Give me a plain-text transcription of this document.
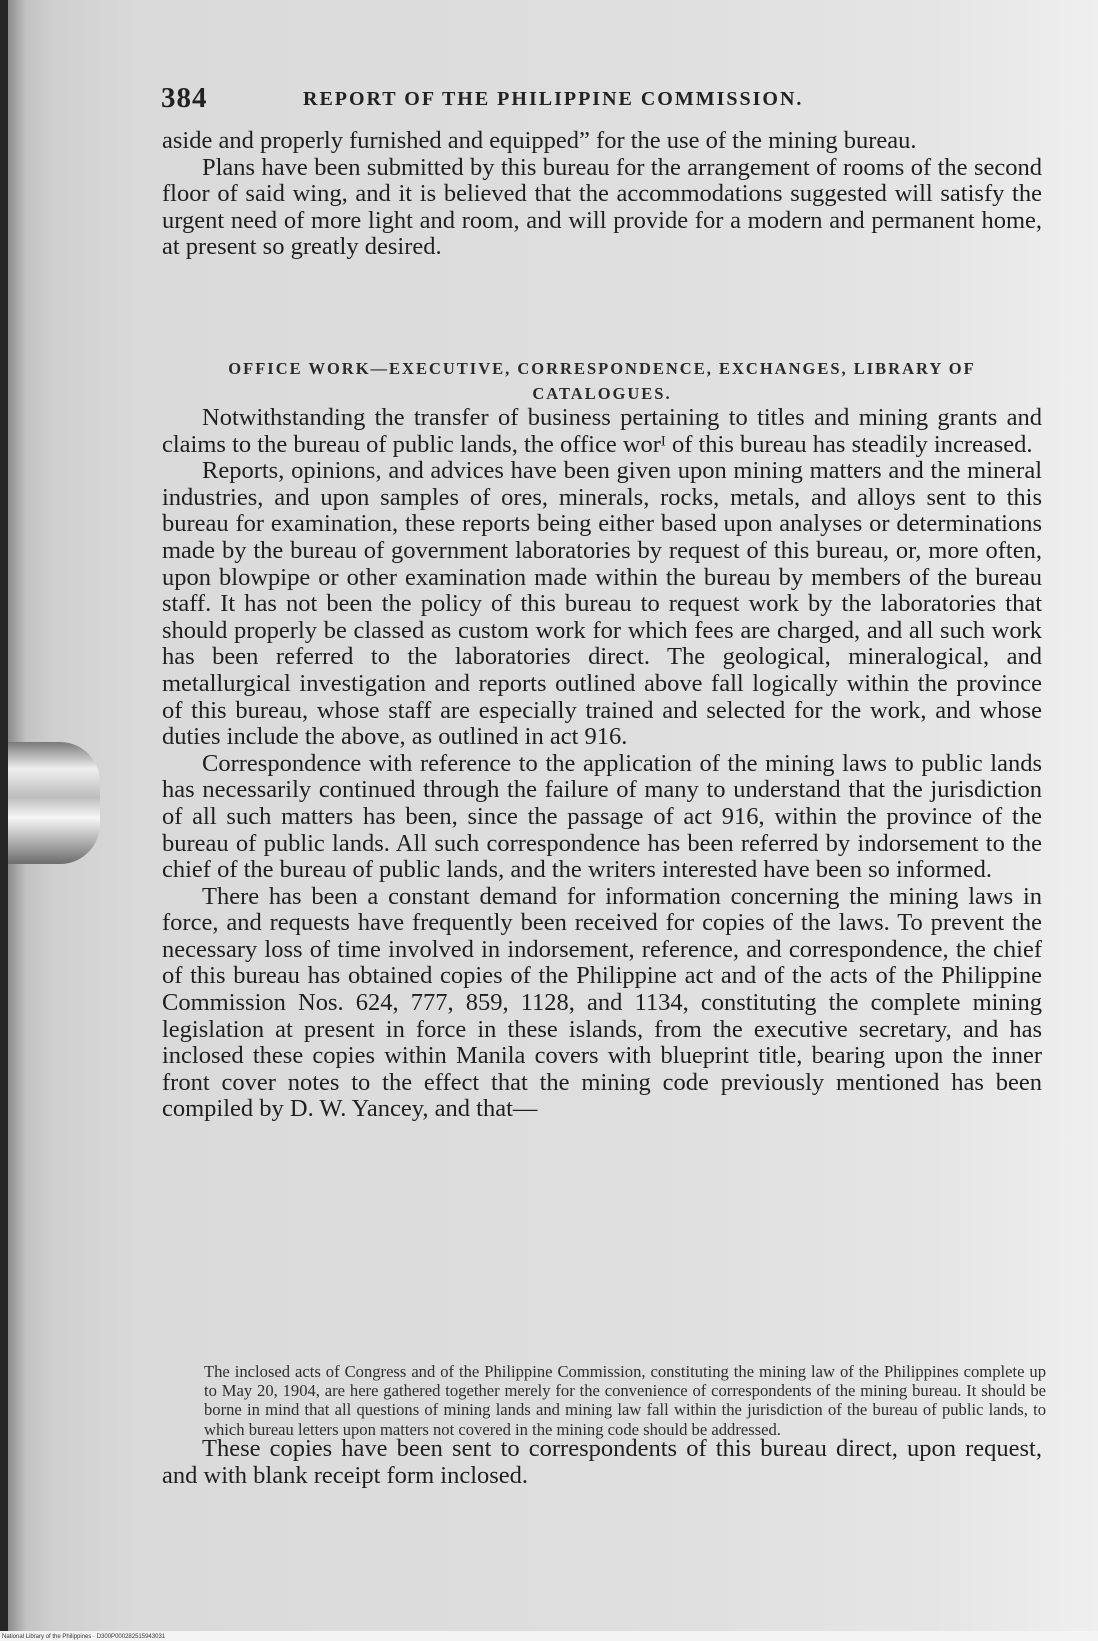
384	REPORT OF THE PHILIPPINE COMMISSION.

aside and properly furnished and equipped” for the use of the mining bureau.

Plans have been submitted by this bureau for the arrangement of rooms of the second floor of said wing, and it is believed that the accommodations suggested will satisfy the urgent need of more light and room, and will provide for a modern and permanent home, at present so greatly desired.

OFFICE WORK—EXECUTIVE, CORRESPONDENCE, EXCHANGES, LIBRARY OF CATALOGUES.

Notwithstanding the transfer of business pertaining to titles and mining grants and claims to the bureau of public lands, the office worᴵ of this bureau has steadily increased.

Reports, opinions, and advices have been given upon mining matters and the mineral industries, and upon samples of ores, minerals, rocks, metals, and alloys sent to this bureau for examination, these reports being either based upon analyses or determinations made by the bureau of government laboratories by request of this bureau, or, more often, upon blowpipe or other examination made within the bureau by members of the bureau staff. It has not been the policy of this bureau to request work by the laboratories that should properly be classed as custom work for which fees are charged, and all such work has been referred to the laboratories direct. The geological, mineralogical, and metallurgical investigation and reports outlined above fall logically within the province of this bureau, whose staff are especially trained and selected for the work, and whose duties include the above, as outlined in act 916.

Correspondence with reference to the application of the mining laws to public lands has necessarily continued through the failure of many to understand that the jurisdiction of all such matters has been, since the passage of act 916, within the province of the bureau of public lands. All such correspondence has been referred by indorsement to the chief of the bureau of public lands, and the writers interested have been so informed.

There has been a constant demand for information concerning the mining laws in force, and requests have frequently been received for copies of the laws. To prevent the necessary loss of time involved in indorsement, reference, and correspondence, the chief of this bureau has obtained copies of the Philippine act and of the acts of the Philippine Commission Nos. 624, 777, 859, 1128, and 1134, constituting the complete mining legislation at present in force in these islands, from the executive secretary, and has inclosed these copies within Manila covers with blueprint title, bearing upon the inner front cover notes to the effect that the mining code previously mentioned has been compiled by D. W. Yancey, and that—

The inclosed acts of Congress and of the Philippine Commission, constituting the mining law of the Philippines complete up to May 20, 1904, are here gathered together merely for the convenience of correspondents of the mining bureau. It should be borne in mind that all questions of mining lands and mining law fall within the jurisdiction of the bureau of public lands, to which bureau letters upon matters not covered in the mining code should be addressed.

These copies have been sent to correspondents of this bureau direct, upon request, and with blank receipt form inclosed.

National Library of the Philippines · D300P000282515943031
